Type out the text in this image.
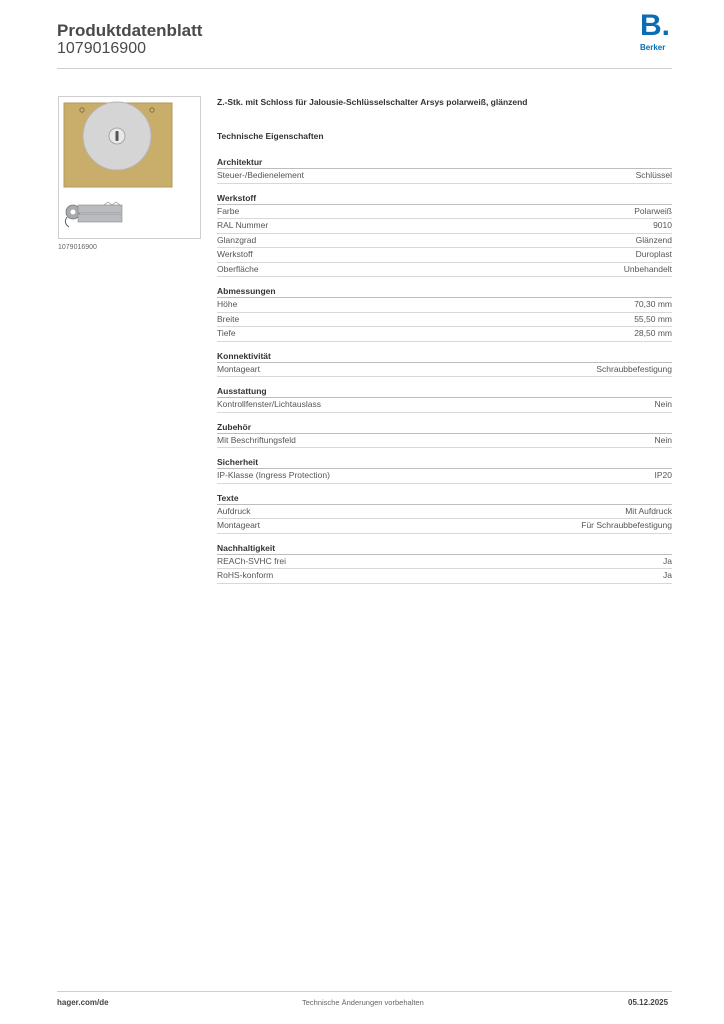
Produktdatenblatt
1079016900
B.
Berker
1079016900
Z.-Stk. mit Schloss für Jalousie-Schlüsselschalter Arsys polarweiß, glänzend
Technische Eigenschaften
Architektur
Steuer-/Bedienelement	Schlüssel
Werkstoff
Farbe	Polarweiß
RAL Nummer	9010
Glanzgrad	Glänzend
Werkstoff	Duroplast
Oberfläche	Unbehandelt
Abmessungen
Höhe	70,30 mm
Breite	55,50 mm
Tiefe	28,50 mm
Konnektivität
Montageart	Schraubbefestigung
Ausstattung
Kontrollfenster/Lichtauslass	Nein
Zubehör
Mit Beschriftungsfeld	Nein
Sicherheit
IP-Klasse (Ingress Protection)	IP20
Texte
Aufdruck	Mit Aufdruck
Montageart	Für Schraubbefestigung
Nachhaltigkeit
REACh-SVHC frei	Ja
RoHS-konform	Ja
hager.com/de	Technische Änderungen vorbehalten	05.12.2025
